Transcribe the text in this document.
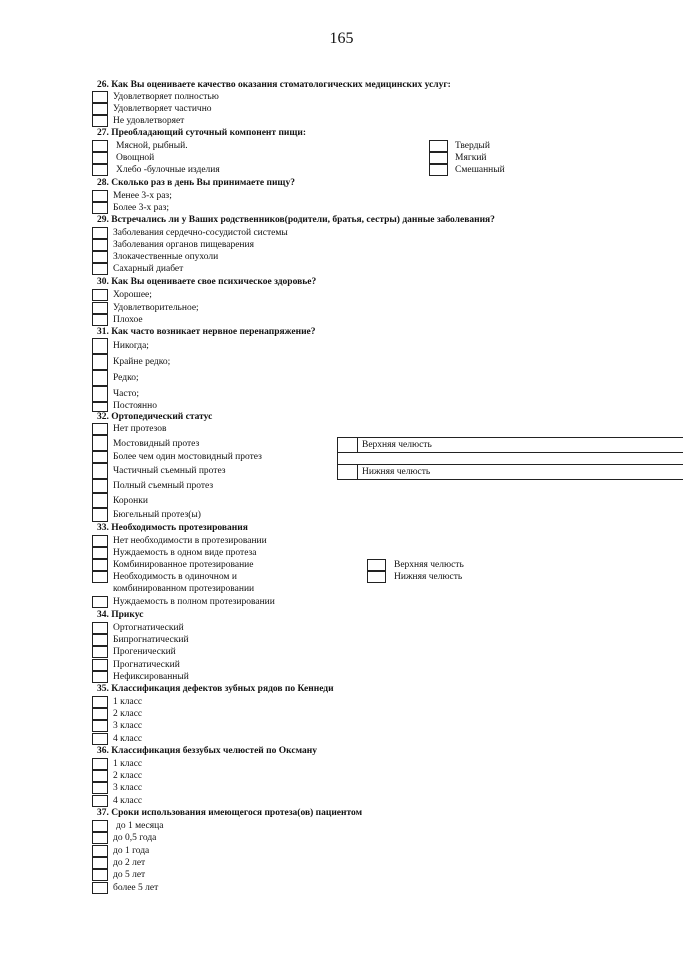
165
26. Как Вы оцениваете качество оказания стоматологических медицинских услуг:
Удовлетворяет полностью
Удовлетворяет частично
Не удовлетворяет
27. Преобладающий суточный компонент пищи:
Мясной, рыбный.
Овощной
Хлебо -булочные изделия
Твердый
Мягкий
Смешанный
28. Сколько раз в день Вы принимаете пищу?
Менее 3-х раз;
Более 3-х раз;
29. Встречались ли у Ваших родственников(родители, братья, сестры) данные заболевания?
Заболевания сердечно-сосудистой системы
Заболевания органов пищеварения
Злокачественные опухоли
Сахарный диабет
30. Как Вы оцениваете свое психическое здоровье?
Хорошее;
Удовлетворительное;
Плохое
31. Как часто возникает нервное перенапряжение?
Никогда;
Крайне редко;
Редко;
Часто;
Постоянно
32. Ортопедический статус
Нет протезов
Мостовидный протез
Более чем один мостовидный протез
Частичный съемный протез
Полный съемный протез
Коронки
Бюгельный протез(ы)
Верхняя челюсть
Нижняя челюсть
33. Необходимость протезирования
Нет необходимости в протезировании
Нуждаемость в одном виде протеза
Комбинированное протезирование
Необходимость в одиночном и
комбинированном протезировании
Нуждаемость в полном протезировании
Верхняя челюсть
Нижняя челюсть
34. Прикус
Ортогнатический
Бипрогнатический
Прогенический
Прогнатический
Нефиксированный
35. Классификация дефектов зубных рядов по Кеннеди
1 класс
2 класс
3 класс
4 класс
36. Классификация беззубых челюстей по Оксману
1 класс
2 класс
3 класс
4 класс
37. Сроки использования имеющегося протеза(ов) пациентом
до 1 месяца
до 0,5 года
до 1 года
до 2 лет
до 5 лет
более 5 лет
